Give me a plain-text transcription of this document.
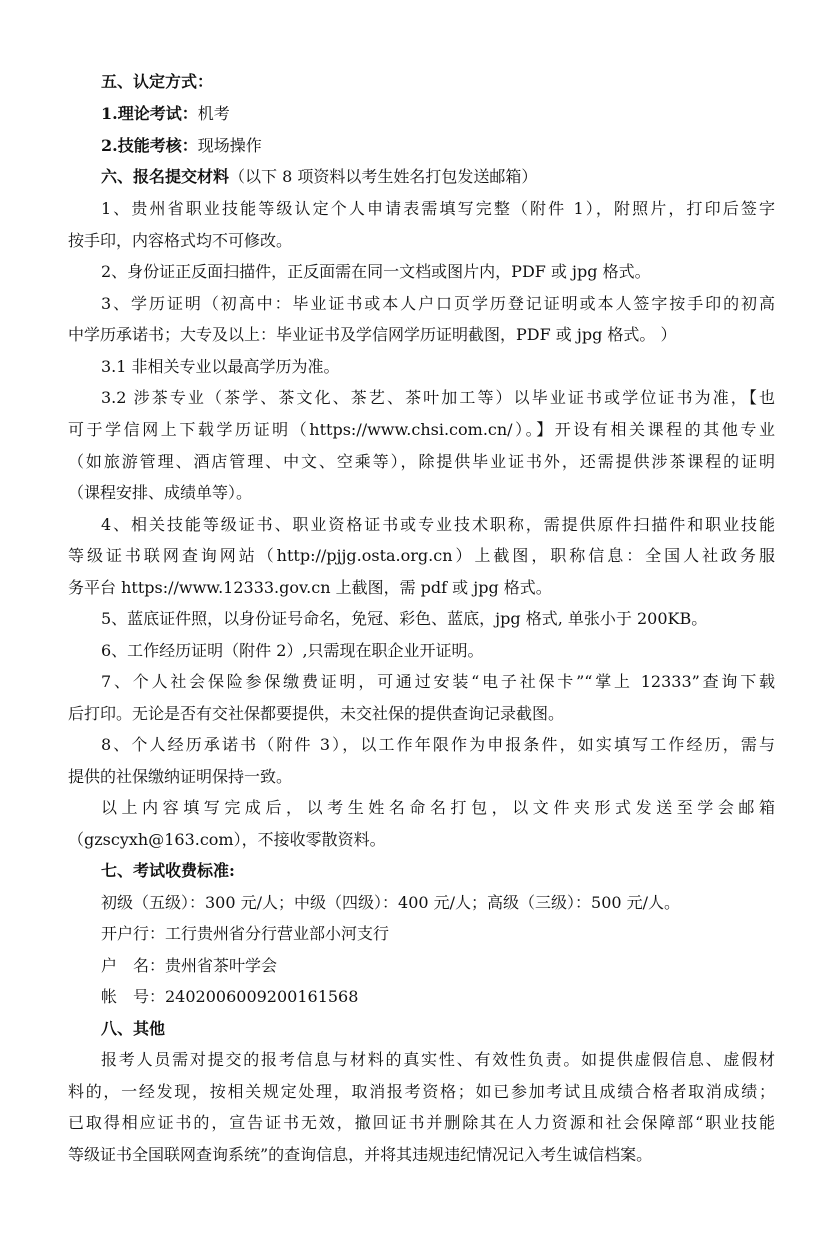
五、认定方式：
1.理论考试：机考
2.技能考核：现场操作
六、报名提交材料（以下 8 项资料以考生姓名打包发送邮箱）
1、贵州省职业技能等级认定个人申请表需填写完整（附件 1），附照片，打印后签字
按手印，内容格式均不可修改。
2、身份证正反面扫描件，正反面需在同一文档或图片内，PDF 或 jpg 格式。
3、学历证明（初高中：毕业证书或本人户口页学历登记证明或本人签字按手印的初高
中学历承诺书；大专及以上：毕业证书及学信网学历证明截图，PDF 或 jpg 格式。 ）
3.1 非相关专业以最高学历为准。
3.2 涉茶专业（茶学、茶文化、茶艺、茶叶加工等）以毕业证书或学位证书为准，【也
可于学信网上下载学历证明（https://www.chsi.com.cn/）。】开设有相关课程的其他专业
（如旅游管理、酒店管理、中文、空乘等），除提供毕业证书外，还需提供涉茶课程的证明
（课程安排、成绩单等）。
4、相关技能等级证书、职业资格证书或专业技术职称，需提供原件扫描件和职业技能
等级证书联网查询网站（http://pjjg.osta.org.cn）上截图，职称信息：全国人社政务服
务平台 https://www.12333.gov.cn 上截图，需 pdf 或 jpg 格式。
5、蓝底证件照，以身份证号命名，免冠、彩色、蓝底，jpg 格式, 单张小于 200KB。
6、工作经历证明（附件 2）,只需现在职企业开证明。
7、个人社会保险参保缴费证明，可通过安装“电子社保卡”“掌上 12333”查询下载
后打印。无论是否有交社保都要提供，未交社保的提供查询记录截图。
8、个人经历承诺书（附件 3），以工作年限作为申报条件，如实填写工作经历，需与
提供的社保缴纳证明保持一致。
以上内容填写完成后，以考生姓名命名打包，以文件夹形式发送至学会邮箱
（gzscyxh@163.com），不接收零散资料。
七、考试收费标准:
初级（五级）：300 元/人；中级（四级）：400 元/人；高级（三级）：500 元/人。
开户行：工行贵州省分行营业部小河支行
户　名：贵州省茶叶学会
帐　号：2402006009200161568
八、其他
报考人员需对提交的报考信息与材料的真实性、有效性负责。如提供虚假信息、虚假材
料的，一经发现，按相关规定处理，取消报考资格；如已参加考试且成绩合格者取消成绩；
已取得相应证书的，宣告证书无效，撤回证书并删除其在人力资源和社会保障部“职业技能
等级证书全国联网查询系统”的查询信息，并将其违规违纪情况记入考生诚信档案。
